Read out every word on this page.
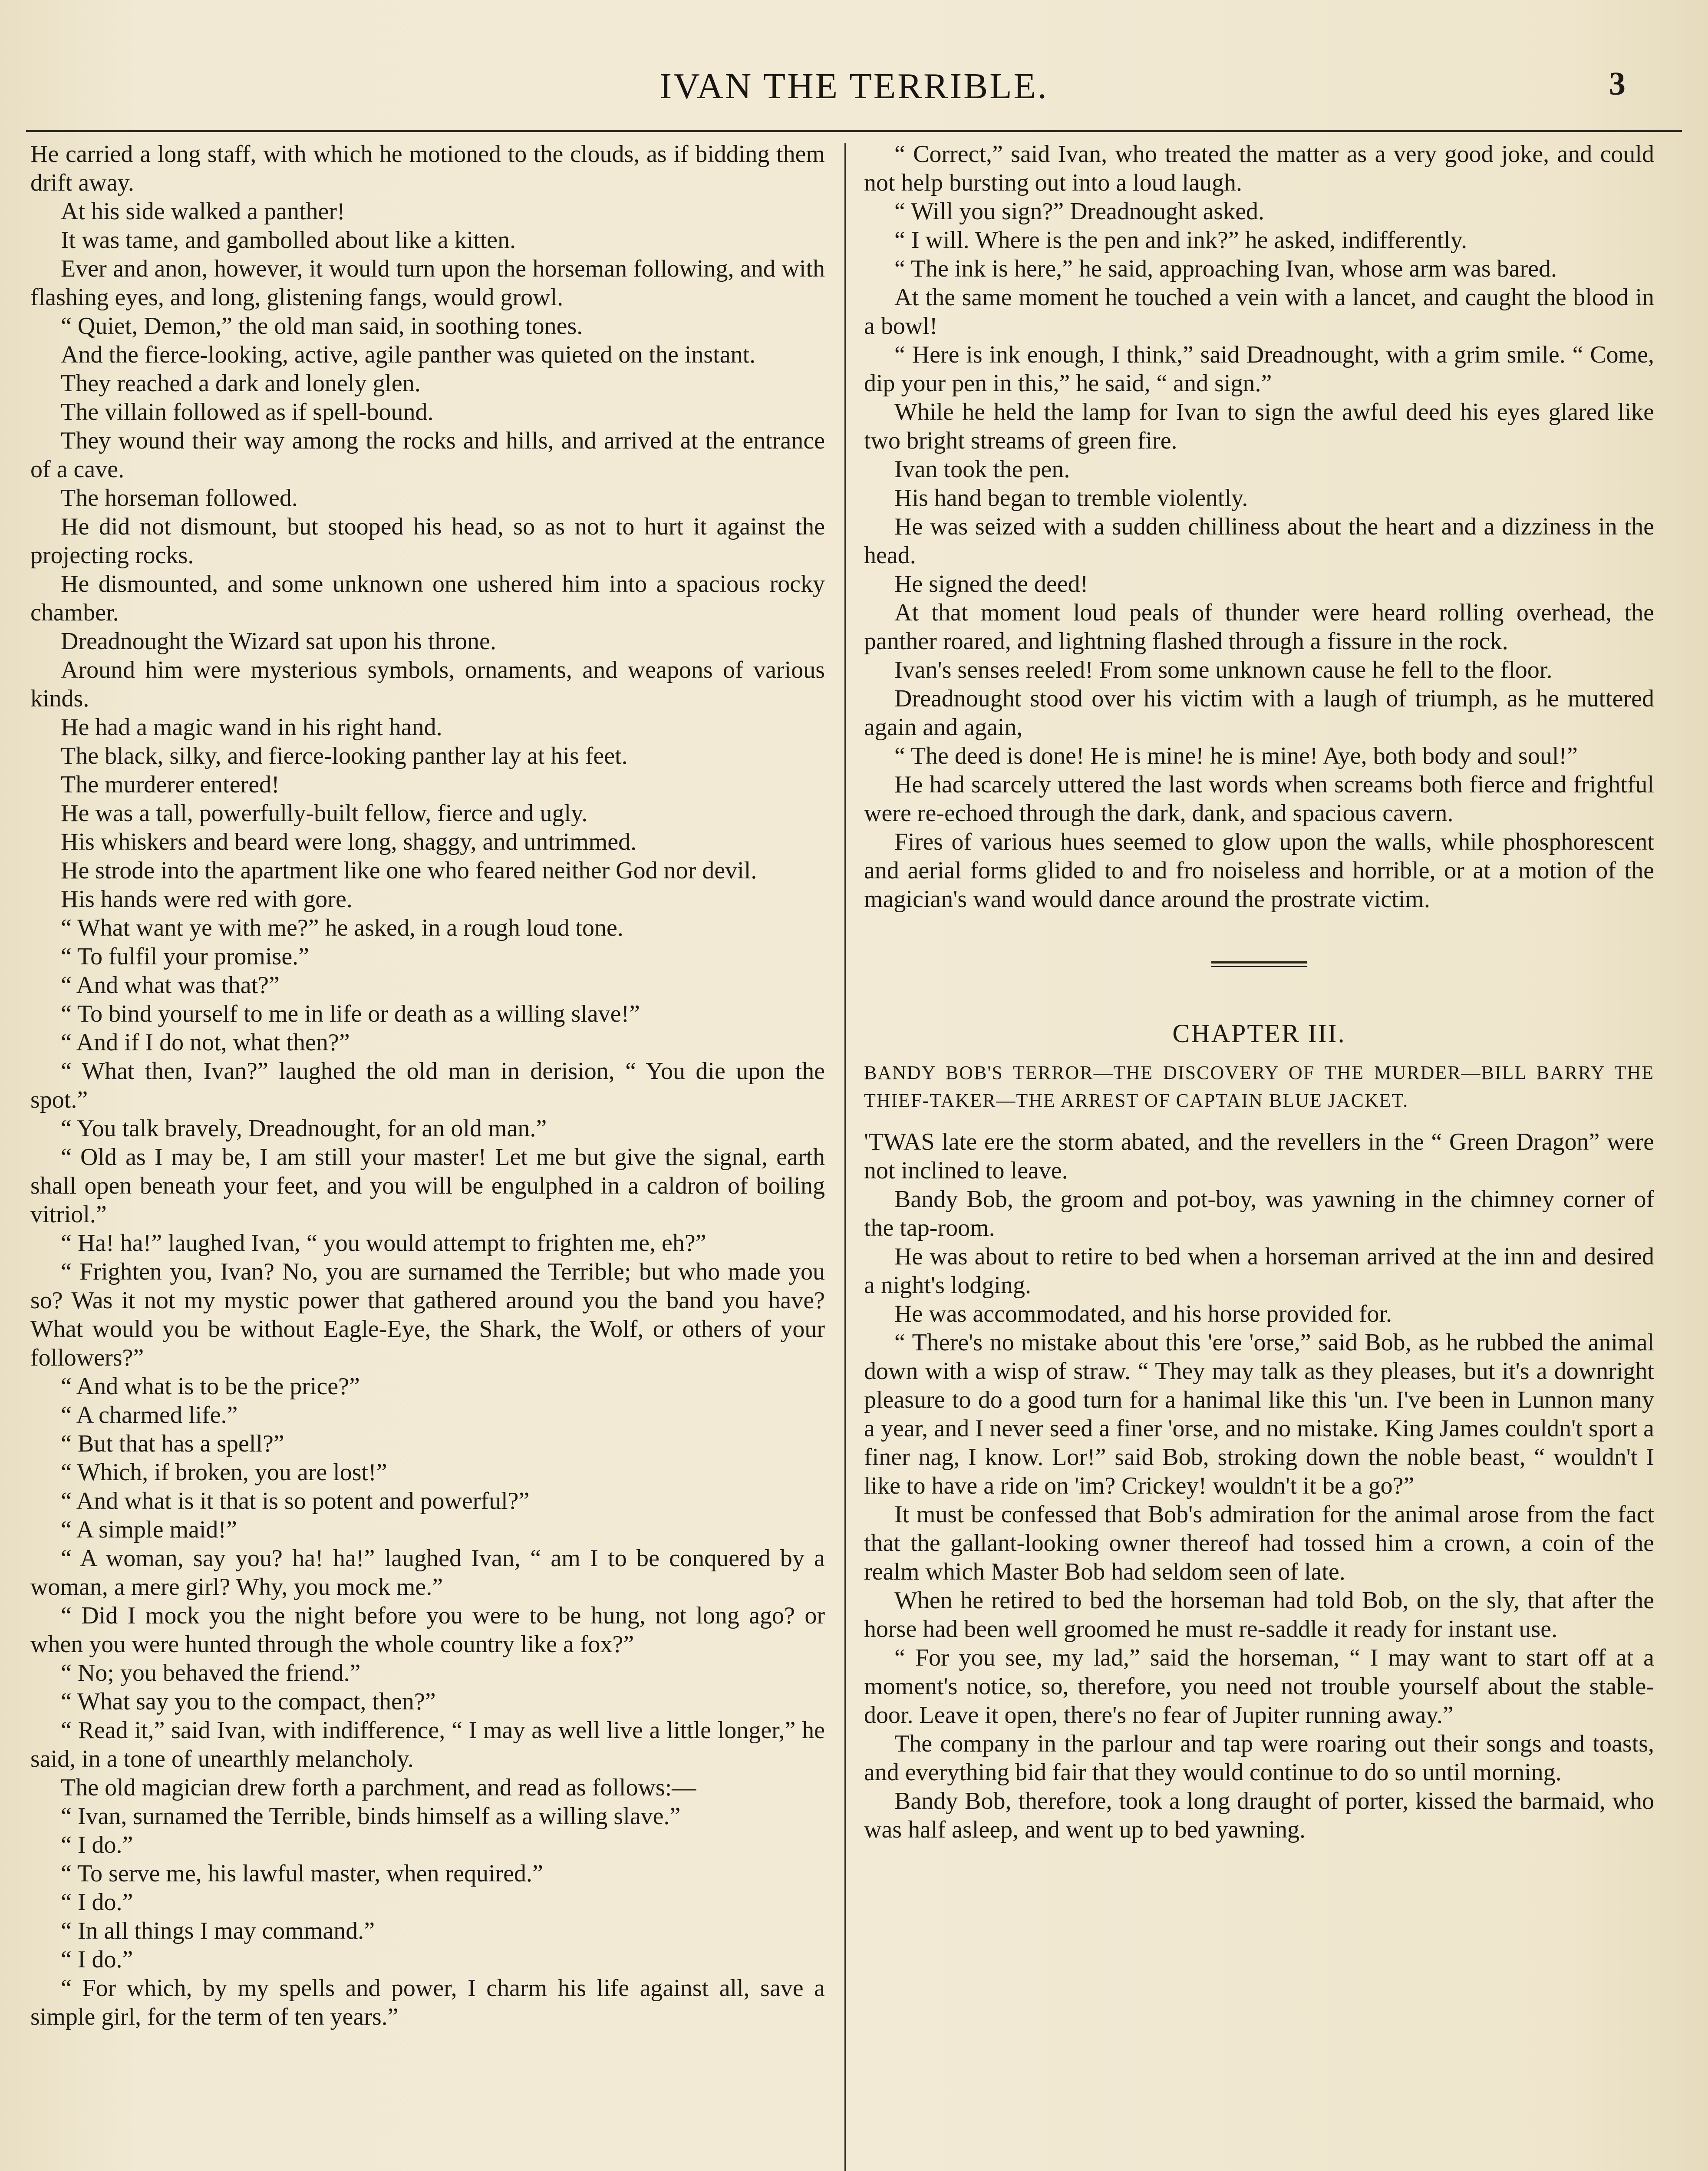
IVAN THE TERRIBLE.	3

He carried a long staff, with which he motioned to the clouds, as if bidding them drift away.

At his side walked a panther!

It was tame, and gambolled about like a kitten.

Ever and anon, however, it would turn upon the horseman following, and with flashing eyes, and long, glistening fangs, would growl.

“ Quiet, Demon,” the old man said, in soothing tones.

And the fierce-looking, active, agile panther was quieted on the instant.

They reached a dark and lonely glen.

The villain followed as if spell-bound.

They wound their way among the rocks and hills, and arrived at the entrance of a cave.

The horseman followed.

He did not dismount, but stooped his head, so as not to hurt it against the projecting rocks.

He dismounted, and some unknown one ushered him into a spacious rocky chamber.

Dreadnought the Wizard sat upon his throne.

Around him were mysterious symbols, ornaments, and weapons of various kinds.

He had a magic wand in his right hand.

The black, silky, and fierce-looking panther lay at his feet.

The murderer entered!

He was a tall, powerfully-built fellow, fierce and ugly.

His whiskers and beard were long, shaggy, and untrimmed.

He strode into the apartment like one who feared neither God nor devil.

His hands were red with gore.

“ What want ye with me?” he asked, in a rough loud tone.

“ To fulfil your promise.”

“ And what was that?”

“ To bind yourself to me in life or death as a willing slave!”

“ And if I do not, what then?”

“ What then, Ivan?” laughed the old man in derision, “ You die upon the spot.”

“ You talk bravely, Dreadnought, for an old man.”

“ Old as I may be, I am still your master! Let me but give the signal, earth shall open beneath your feet, and you will be engulphed in a caldron of boiling vitriol.”

“ Ha! ha!” laughed Ivan, “ you would attempt to frighten me, eh?”

“ Frighten you, Ivan? No, you are surnamed the Terrible; but who made you so? Was it not my mystic power that gathered around you the band you have? What would you be without Eagle-Eye, the Shark, the Wolf, or others of your followers?”

“ And what is to be the price?”

“ A charmed life.”

“ But that has a spell?”

“ Which, if broken, you are lost!”

“ And what is it that is so potent and powerful?”

“ A simple maid!”

“ A woman, say you? ha! ha!” laughed Ivan, “ am I to be conquered by a woman, a mere girl? Why, you mock me.”

“ Did I mock you the night before you were to be hung, not long ago? or when you were hunted through the whole country like a fox?”

“ No; you behaved the friend.”

“ What say you to the compact, then?”

“ Read it,” said Ivan, with indifference, “ I may as well live a little longer,” he said, in a tone of unearthly melancholy.

The old magician drew forth a parchment, and read as follows:—

“ Ivan, surnamed the Terrible, binds himself as a willing slave.”

“ I do.”

“ To serve me, his lawful master, when required.”

“ I do.”

“ In all things I may command.”

“ I do.”

“ For which, by my spells and power, I charm his life against all, save a simple girl, for the term of ten years.”

“ Correct,” said Ivan, who treated the matter as a very good joke, and could not help bursting out into a loud laugh.

“ Will you sign?” Dreadnought asked.

“ I will. Where is the pen and ink?” he asked, indifferently.

“ The ink is here,” he said, approaching Ivan, whose arm was bared.

At the same moment he touched a vein with a lancet, and caught the blood in a bowl!

“ Here is ink enough, I think,” said Dreadnought, with a grim smile. “ Come, dip your pen in this,” he said, “ and sign.”

While he held the lamp for Ivan to sign the awful deed his eyes glared like two bright streams of green fire.

Ivan took the pen.

His hand began to tremble violently.

He was seized with a sudden chilliness about the heart and a dizziness in the head.

He signed the deed!

At that moment loud peals of thunder were heard rolling overhead, the panther roared, and lightning flashed through a fissure in the rock.

Ivan's senses reeled! From some unknown cause he fell to the floor.

Dreadnought stood over his victim with a laugh of triumph, as he muttered again and again,

“ The deed is done! He is mine! he is mine! Aye, both body and soul!”

He had scarcely uttered the last words when screams both fierce and frightful were re-echoed through the dark, dank, and spacious cavern.

Fires of various hues seemed to glow upon the walls, while phosphorescent and aerial forms glided to and fro noiseless and horrible, or at a motion of the magician's wand would dance around the prostrate victim.

CHAPTER III.
BANDY BOB'S TERROR—THE DISCOVERY OF THE MURDER—BILL BARRY THE THIEF-TAKER—THE ARREST OF CAPTAIN BLUE JACKET.

'TWAS late ere the storm abated, and the revellers in the “ Green Dragon” were not inclined to leave.

Bandy Bob, the groom and pot-boy, was yawning in the chimney corner of the tap-room.

He was about to retire to bed when a horseman arrived at the inn and desired a night's lodging.

He was accommodated, and his horse provided for.

“ There's no mistake about this 'ere 'orse,” said Bob, as he rubbed the animal down with a wisp of straw. “ They may talk as they pleases, but it's a downright pleasure to do a good turn for a hanimal like this 'un. I've been in Lunnon many a year, and I never seed a finer 'orse, and no mistake. King James couldn't sport a finer nag, I know. Lor!” said Bob, stroking down the noble beast, “ wouldn't I like to have a ride on 'im? Crickey! wouldn't it be a go?”

It must be confessed that Bob's admiration for the animal arose from the fact that the gallant-looking owner thereof had tossed him a crown, a coin of the realm which Master Bob had seldom seen of late.

When he retired to bed the horseman had told Bob, on the sly, that after the horse had been well groomed he must re-saddle it ready for instant use.

“ For you see, my lad,” said the horseman, “ I may want to start off at a moment's notice, so, therefore, you need not trouble yourself about the stable-door. Leave it open, there's no fear of Jupiter running away.”

The company in the parlour and tap were roaring out their songs and toasts, and everything bid fair that they would continue to do so until morning.

Bandy Bob, therefore, took a long draught of porter, kissed the barmaid, who was half asleep, and went up to bed yawning.
